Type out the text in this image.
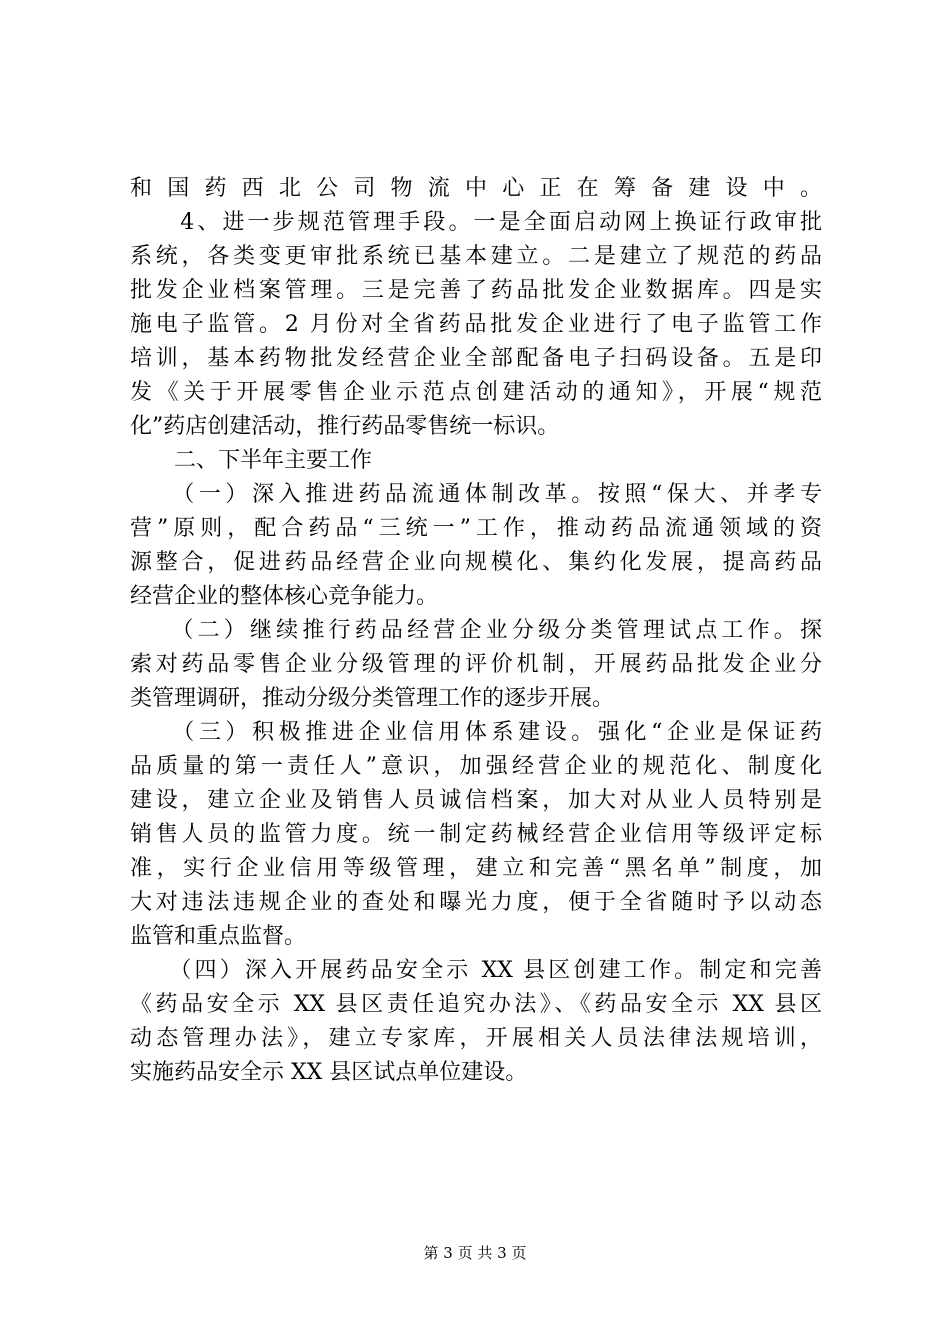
和国药西北公司物流中心正在筹备建设中。
　　4、进一步规范管理手段。一是全面启动网上换证行政审批
系统，各类变更审批系统已基本建立。二是建立了规范的药品
批发企业档案管理。三是完善了药品批发企业数据库。四是实
施电子监管。2 月份对全省药品批发企业进行了电子监管工作
培训，基本药物批发经营企业全部配备电子扫码设备。五是印
发《关于开展零售企业示范点创建活动的通知》，开展“规范
化”药店创建活动，推行药品零售统一标识。
　　二、下半年主要工作
　　（一）深入推进药品流通体制改革。按照“保大、并孝专
营”原则，配合药品“三统一”工作，推动药品流通领域的资
源整合，促进药品经营企业向规模化、集约化发展，提高药品
经营企业的整体核心竞争能力。
　　（二）继续推行药品经营企业分级分类管理试点工作。探
索对药品零售企业分级管理的评价机制，开展药品批发企业分
类管理调研，推动分级分类管理工作的逐步开展。
　　（三）积极推进企业信用体系建设。强化“企业是保证药
品质量的第一责任人”意识，加强经营企业的规范化、制度化
建设，建立企业及销售人员诚信档案，加大对从业人员特别是
销售人员的监管力度。统一制定药械经营企业信用等级评定标
准，实行企业信用等级管理，建立和完善“黑名单”制度，加
大对违法违规企业的查处和曝光力度，便于全省随时予以动态
监管和重点监督。
　　（四）深入开展药品安全示 XX 县区创建工作。制定和完善
《药品安全示 XX 县区责任追究办法》、《药品安全示 XX 县区
动态管理办法》，建立专家库，开展相关人员法律法规培训，
实施药品安全示 XX 县区试点单位建设。
第 3 页 共 3 页
